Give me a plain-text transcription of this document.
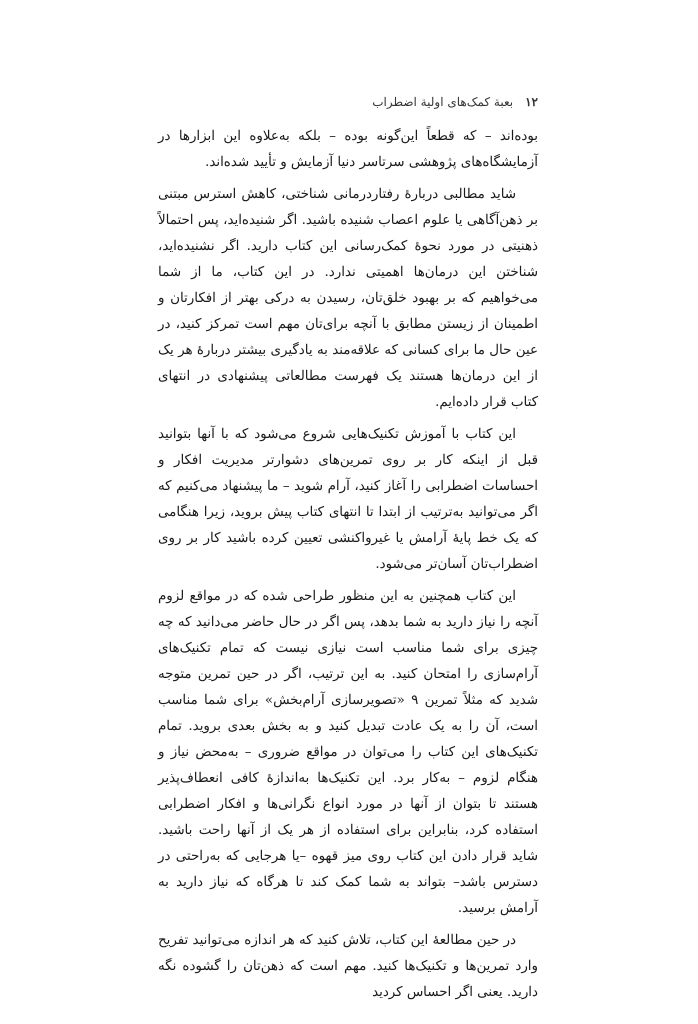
۱۲
بعبة كمک‌های اولية اضطراب

بوده‌اند – که قطعاً این‌گونه بوده – بلکه به‌علاوه این ابزارها در آزمایشگاه‌های پژوهشی سرتاسر دنیا آزمایش و تأیید شده‌اند.

شاید مطالبی دربارهٔ رفتاردرمانی شناختی، کاهش استرس مبتنی بر ذهن‌آگاهی یا علوم اعصاب شنیده باشید. اگر شنیده‌اید، پس احتمالاً ذهنیتی در مورد نحوهٔ کمک‌رسانی این کتاب دارید. اگر نشنیده‌اید، شناختن این درمان‌ها اهمیتی ندارد. در این کتاب، ما از شما می‌خواهیم که بر بهبود خلق‌تان، رسیدن به درکی بهتر از افکارتان و اطمینان از زیستن مطابق با آنچه برای‌تان مهم است تمرکز کنید، در عین حال ما برای کسانی که علاقه‌مند به یادگیری بیشتر دربارهٔ هر یک از این درمان‌ها هستند یک فهرست مطالعاتی پیشنهادی در انتهای کتاب قرار داده‌ایم.

این کتاب با آموزش تکنیک‌هایی شروع می‌شود که با آنها بتوانید قبل از اینکه کار بر روی تمرین‌های دشوارتر مدیریت افکار و احساسات اضطرابی را آغاز کنید، آرام شوید – ما پیشنهاد می‌کنیم که اگر می‌توانید به‌ترتیب از ابتدا تا انتهای کتاب پیش بروید، زیرا هنگامی که یک خط پایهٔ آرامش یا غیرواکنشی تعیین کرده باشید کار بر روی اضطراب‌تان آسان‌تر می‌شود.

این کتاب همچنین به این منظور طراحی شده که در مواقع لزوم آنچه را نیاز دارید به شما بدهد، پس اگر در حال حاضر می‌دانید که چه چیزی برای شما مناسب است نیازی نیست که تمام تکنیک‌های آرام‌سازی را امتحان کنید. به این ترتیب، اگر در حین تمرین متوجه شدید که مثلاً تمرین ۹ «تصویرسازی آرام‌بخش» برای شما مناسب است، آن را به یک عادت تبدیل کنید و به بخش بعدی بروید. تمام تکنیک‌های این کتاب را می‌توان در مواقع ضروری – به‌محض نیاز و هنگام لزوم – به‌کار برد. این تکنیک‌ها به‌اندازهٔ کافی انعطاف‌پذیر هستند تا بتوان از آنها در مورد انواع نگرانی‌ها و افکار اضطرابی استفاده کرد، بنابراین برای استفاده از هر یک از آنها راحت باشید. شاید قرار دادن این کتاب روی میز قهوه –یا هرجایی که به‌راحتی در دسترس باشد– بتواند به شما کمک کند تا هرگاه که نیاز دارید به آرامش برسید.

در حین مطالعهٔ این کتاب، تلاش کنید که هر اندازه می‌توانید تفریح وارد تمرین‌ها و تکنیک‌ها کنید. مهم است که ذهن‌تان را گشوده نگه دارید. یعنی اگر احساس کردید
